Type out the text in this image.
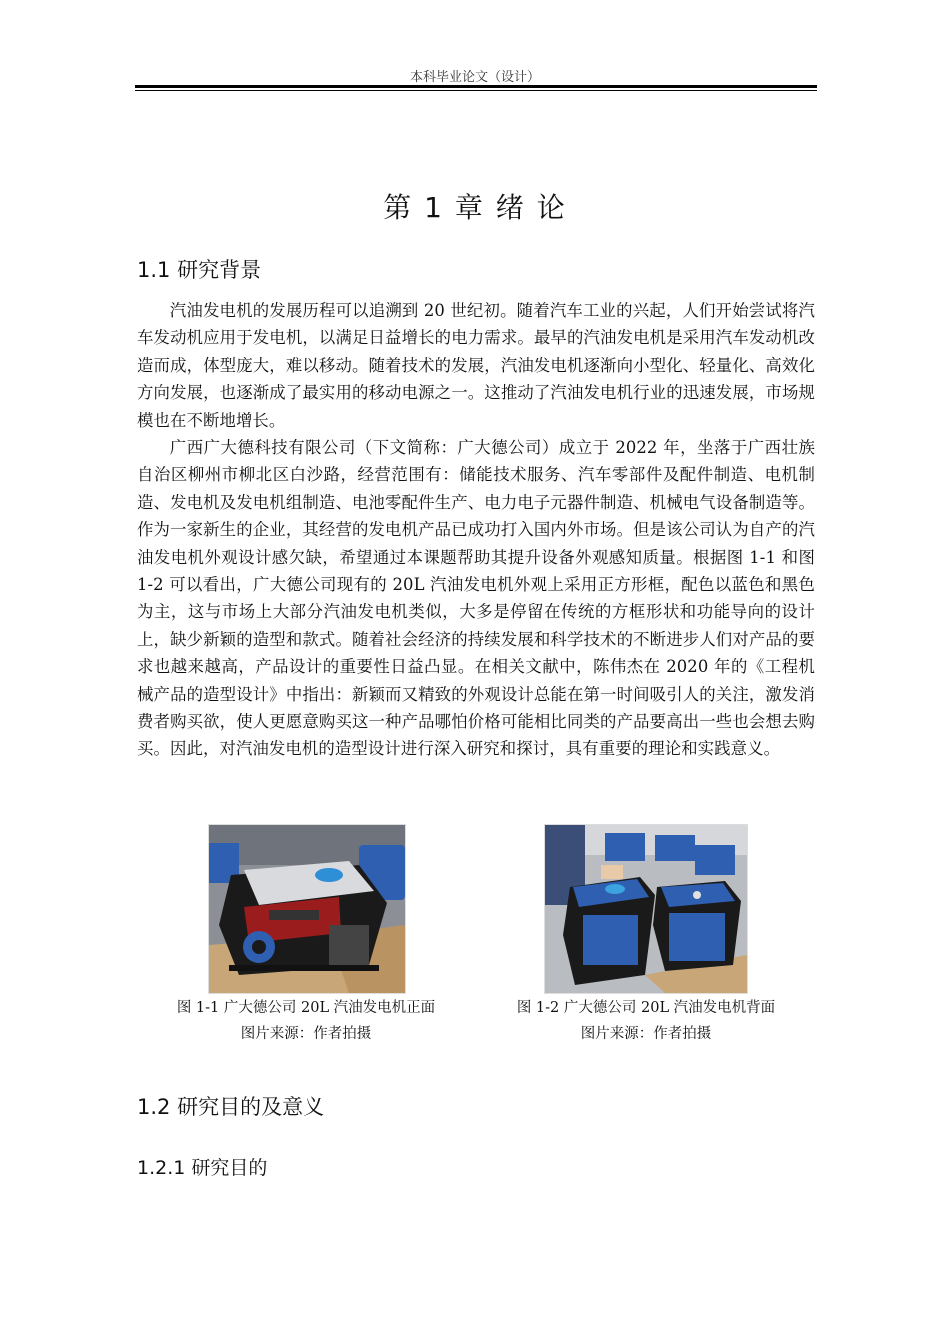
本科毕业论文（设计）
第 1 章 绪 论
1.1 研究背景

汽油发电机的发展历程可以追溯到 20 世纪初。随着汽车工业的兴起，人们开始尝试将汽车发动机应用于发电机，以满足日益增长的电力需求。最早的汽油发电机是采用汽车发动机改造而成，体型庞大，难以移动。随着技术的发展，汽油发电机逐渐向小型化、轻量化、高效化方向发展，也逐渐成了最实用的移动电源之一。这推动了汽油发电机行业的迅速发展，市场规模也在不断地增长。

广西广大德科技有限公司（下文简称：广大德公司）成立于 2022 年，坐落于广西壮族自治区柳州市柳北区白沙路，经营范围有：储能技术服务、汽车零部件及配件制造、电机制造、发电机及发电机组制造、电池零配件生产、电力电子元器件制造、机械电气设备制造等。作为一家新生的企业，其经营的发电机产品已成功打入国内外市场。但是该公司认为自产的汽油发电机外观设计感欠缺，希望通过本课题帮助其提升设备外观感知质量。根据图 1-1 和图 1-2 可以看出，广大德公司现有的 20L 汽油发电机外观上采用正方形框，配色以蓝色和黑色为主，这与市场上大部分汽油发电机类似，大多是停留在传统的方框形状和功能导向的设计上，缺少新颖的造型和款式。随着社会经济的持续发展和科学技术的不断进步人们对产品的要求也越来越高，产品设计的重要性日益凸显。在相关文献中，陈伟杰在 2020 年的《工程机械产品的造型设计》中指出：新颖而又精致的外观设计总能在第一时间吸引人的关注，激发消费者购买欲，使人更愿意购买这一种产品哪怕价格可能相比同类的产品要高出一些也会想去购买。因此，对汽油发电机的造型设计进行深入研究和探讨，具有重要的理论和实践意义。

图 1-1 广大德公司 20L 汽油发电机正面
图片来源：作者拍摄
图 1-2 广大德公司 20L 汽油发电机背面
图片来源：作者拍摄
1.2 研究目的及意义
1.2.1 研究目的
